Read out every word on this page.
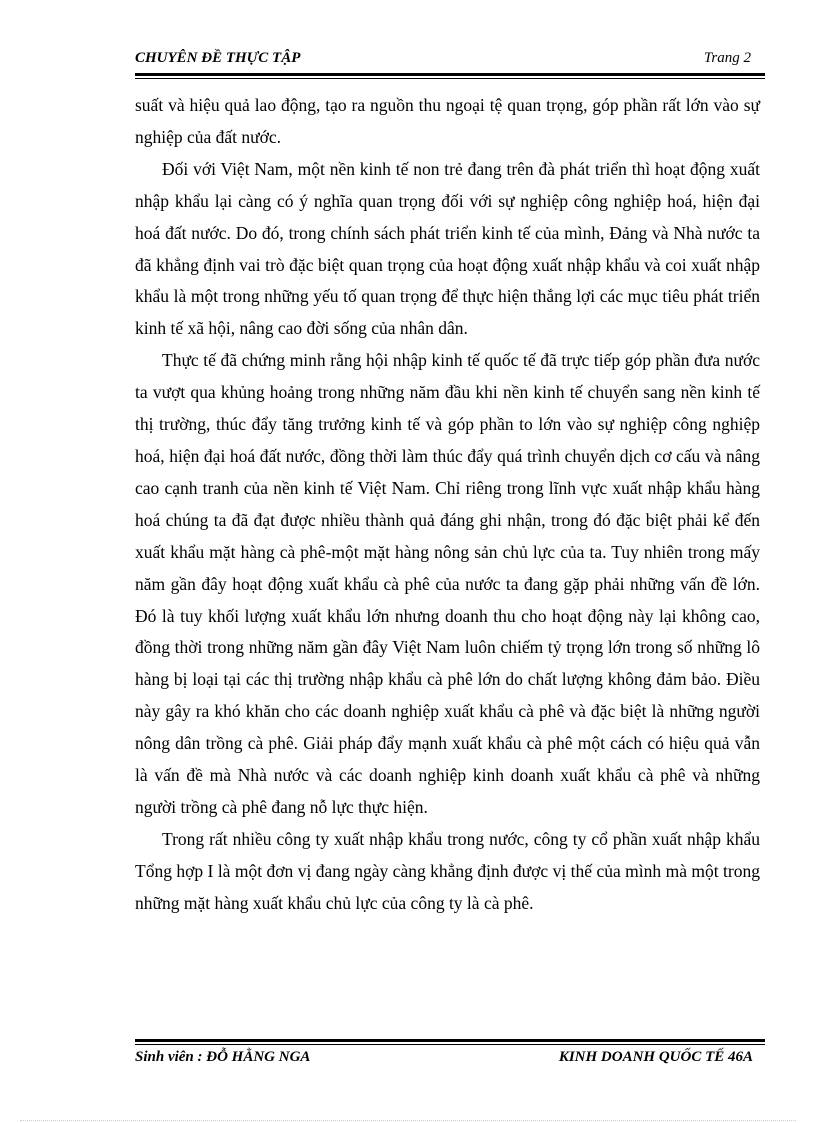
CHUYÊN ĐỀ THỰC TẬP	Trang 2

suất và hiệu quả lao động, tạo ra nguồn thu ngoại tệ quan trọng, góp phần rất lớn vào sự nghiệp của đất nước.

Đối với Việt Nam, một nền kinh tế non trẻ đang trên đà phát triển thì hoạt động xuất nhập khẩu lại càng có ý nghĩa quan trọng đối với sự nghiệp công nghiệp hoá, hiện đại hoá đất nước. Do đó, trong chính sách phát triển kinh tế của mình, Đảng và Nhà nước ta đã khẳng định vai trò đặc biệt quan trọng của hoạt động xuất nhập khẩu và coi xuất nhập khẩu là một trong những yếu tố quan trọng để thực hiện thắng lợi các mục tiêu phát triển kinh tế xã hội, nâng cao đời sống của nhân dân.

Thực tế đã chứng minh rằng hội nhập kinh tế quốc tế đã trực tiếp góp phần đưa nước ta vượt qua khủng hoảng trong những năm đầu khi nền kinh tế chuyển sang nền kinh tế thị trường, thúc đẩy tăng trưởng kinh tế và góp phần to lớn vào sự nghiệp công nghiệp hoá, hiện đại hoá đất nước, đồng thời làm thúc đẩy quá trình chuyển dịch cơ cấu và nâng cao cạnh tranh của nền kinh tế Việt Nam. Chỉ riêng trong lĩnh vực xuất nhập khẩu hàng hoá chúng ta đã đạt được nhiều thành quả đáng ghi nhận, trong đó đặc biệt phải kể đến xuất khẩu mặt hàng cà phê-một mặt hàng nông sản chủ lực của ta. Tuy nhiên trong mấy năm gần đây hoạt động xuất khẩu cà phê của nước ta đang gặp phải những vấn đề lớn. Đó là tuy khối lượng xuất khẩu lớn nhưng doanh thu cho hoạt động này lại không cao, đồng thời trong những năm gần đây Việt Nam luôn chiếm tỷ trọng lớn trong số những lô hàng bị loại tại các thị trường nhập khẩu cà phê lớn do chất lượng không đảm bảo. Điều này gây ra khó khăn cho các doanh nghiệp xuất khẩu cà phê và đặc biệt là những người nông dân trồng cà phê. Giải pháp đẩy mạnh xuất khẩu cà phê một cách có hiệu quả vẫn là vấn đề mà Nhà nước và các doanh nghiệp kinh doanh xuất khẩu cà phê và những người trồng cà phê đang nỗ lực thực hiện.

Trong rất nhiều công ty xuất nhập khẩu trong nước, công ty cổ phần xuất nhập khẩu Tổng hợp I là một đơn vị đang ngày càng khẳng định được vị thế của mình mà một trong những mặt hàng xuất khẩu chủ lực của công ty là cà phê.

Sinh viên : ĐỖ HẰNG NGA	KINH DOANH QUỐC TẾ 46A
